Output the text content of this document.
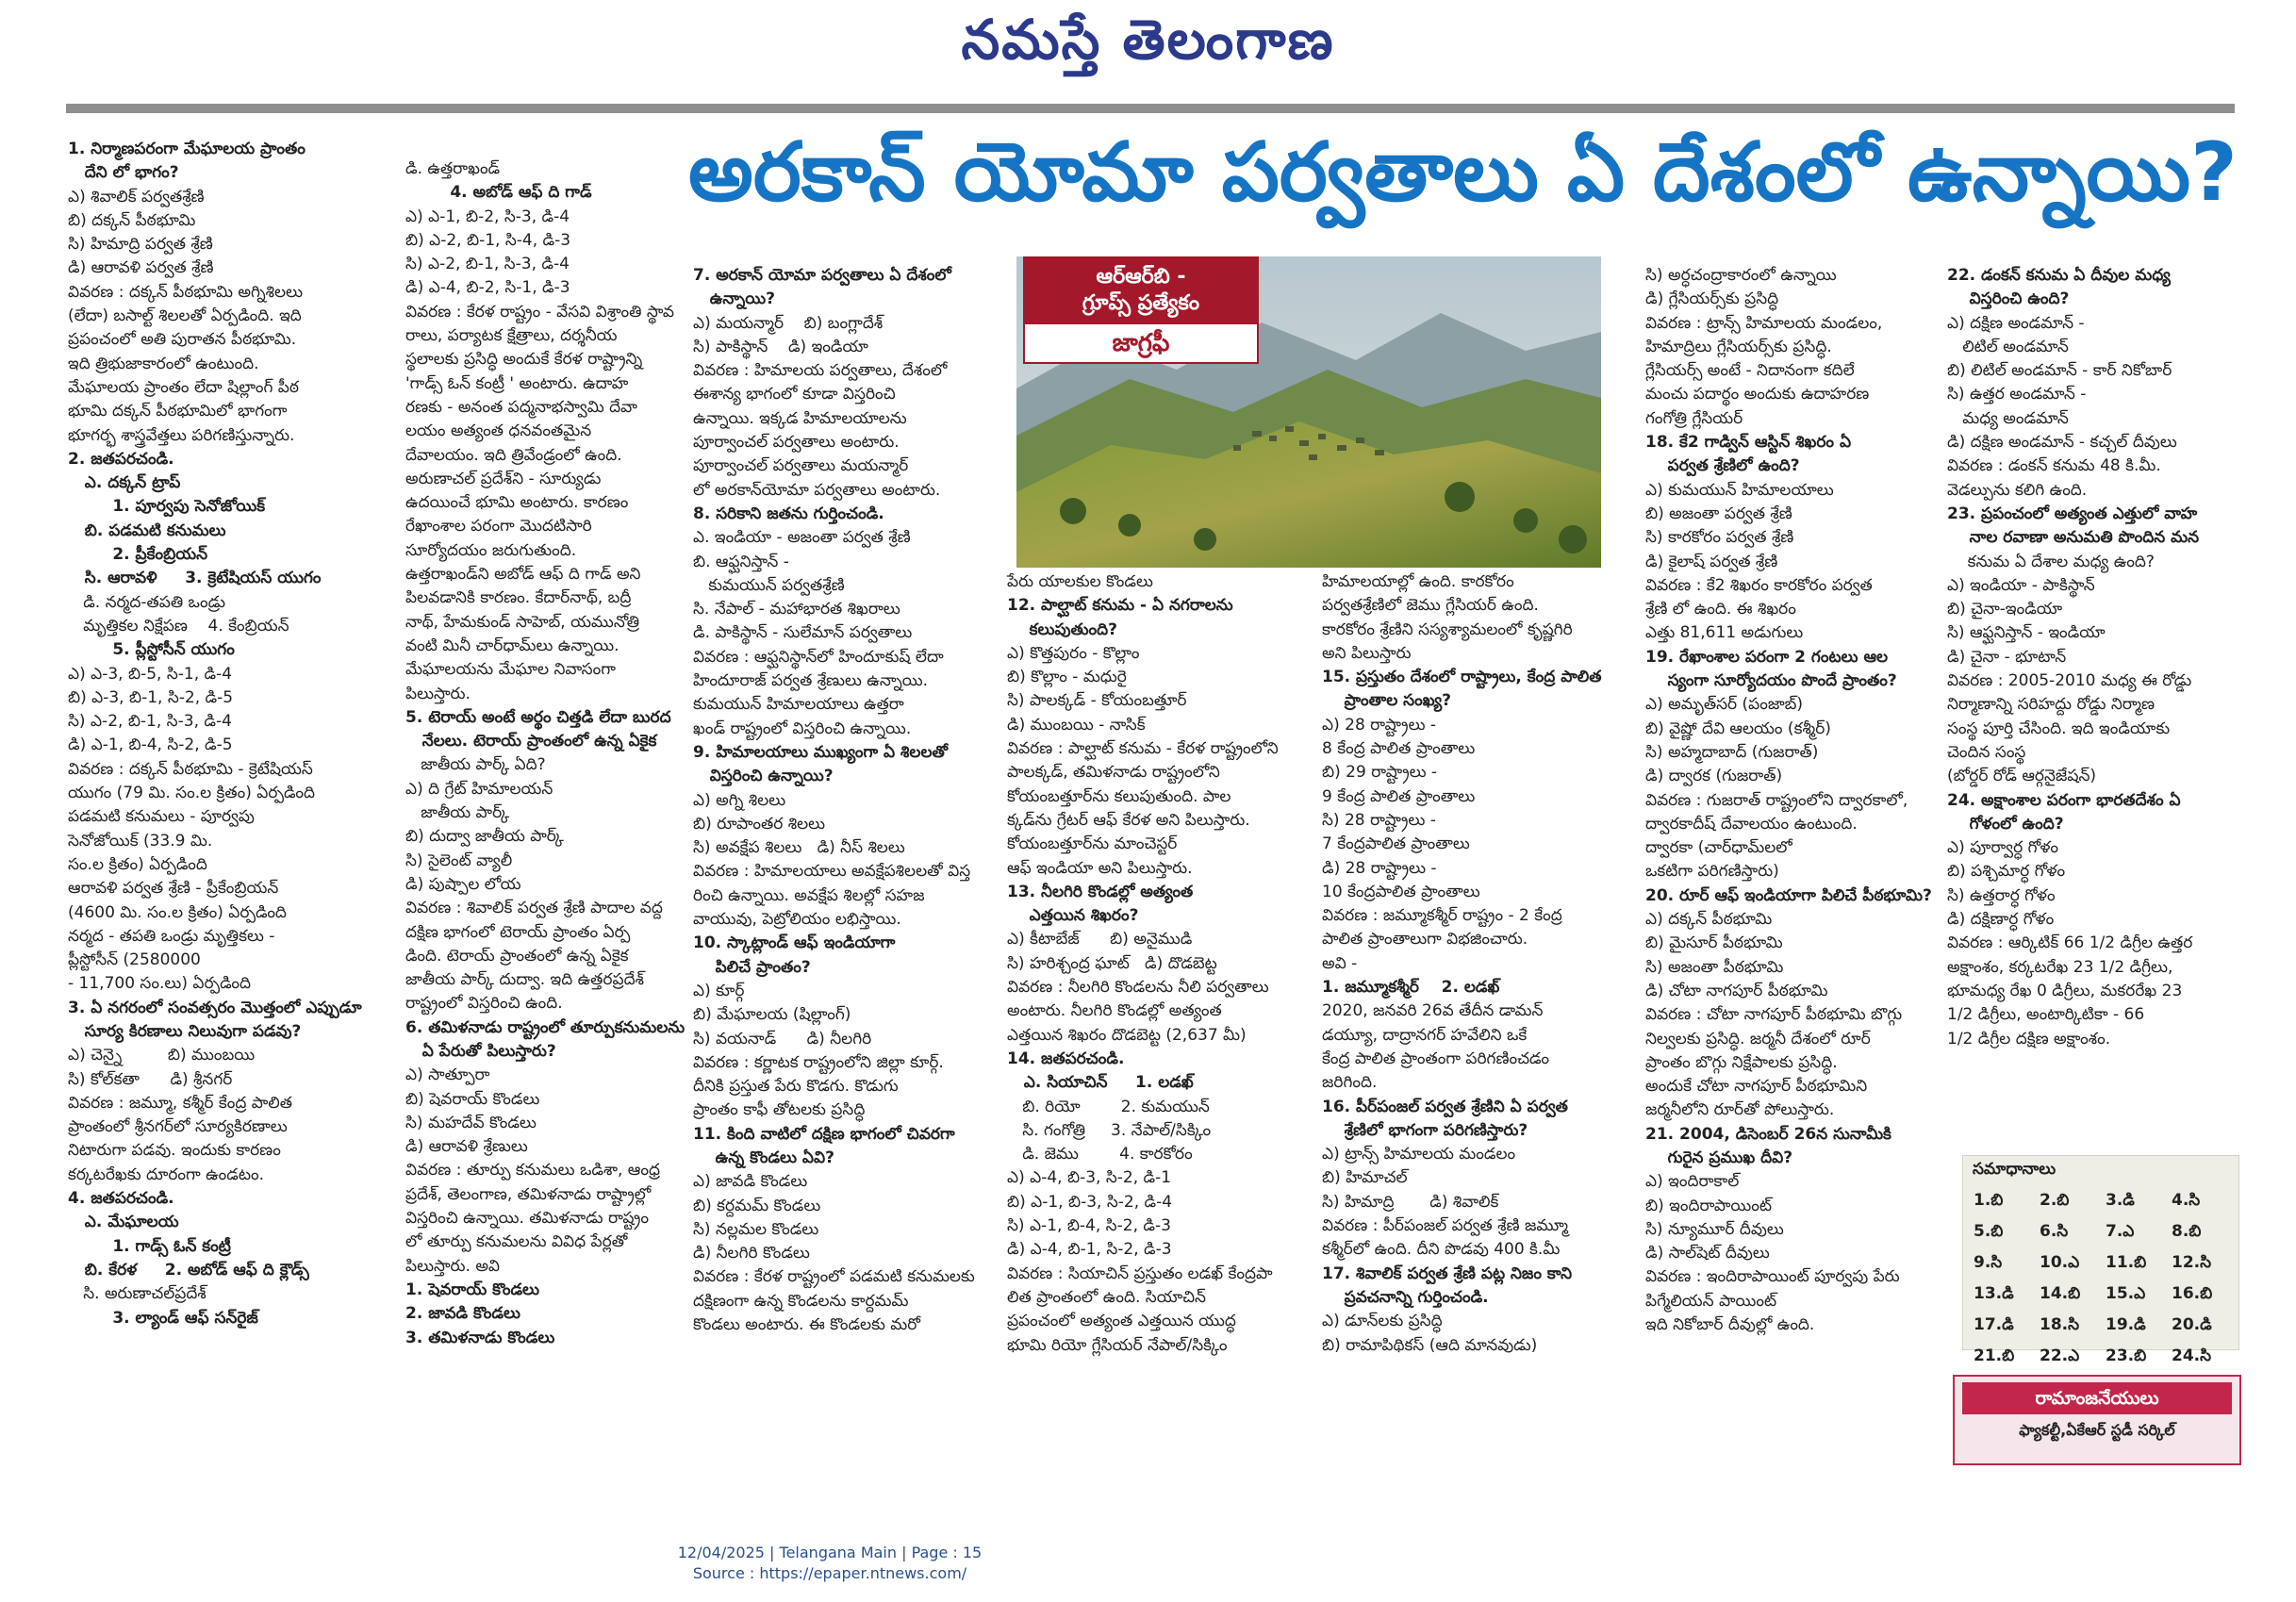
నమస్తే తెలంగాణ
అరకాన్ యోమా పర్వతాలు ఏ దేశంలో ఉన్నాయి?
1. నిర్మాణపరంగా మేఘాలయ ప్రాంతం
దేని లో భాగం?
ఎ) శివాలిక్ పర్వతశ్రేణి
బి) దక్కన్ పీఠభూమి
సి) హిమాద్రి పర్వత శ్రేణి
డి) ఆరావళి పర్వత శ్రేణి
వివరణ : దక్కన్ పీఠభూమి అగ్నిశిలలు
(లేదా) బసాల్ట్ శిలలతో ఏర్పడింది. ఇది
ప్రపంచంలో అతి పురాతన పీఠభూమి.
ఇది త్రిభుజాకారంలో ఉంటుంది.
మేఘాలయ ప్రాంతం లేదా షిల్లాంగ్ పీఠ
భూమి దక్కన్ పీఠభూమిలో భాగంగా
భూగర్భ శాస్త్రవేత్తలు పరిగణిస్తున్నారు.
2. జతపరచండి.
ఎ. దక్కన్ ట్రాప్
1. పూర్వపు సెనోజోయిక్
బి. పడమటి కనుమలు
2. ప్రీకేంబ్రియన్
సి. ఆరావళి     3. క్రెటేషియస్ యుగం
డి. నర్మద-తపతి ఒండ్రు
మృత్తికల నిక్షేపణ    4. కేంబ్రియన్
5. ప్లీస్టోసీన్ యుగం
ఎ) ఎ-3, బి-5, సి-1, డి-4
బి) ఎ-3, బి-1, సి-2, డి-5
సి) ఎ-2, బి-1, సి-3, డి-4
డి) ఎ-1, బి-4, సి-2, డి-5
వివరణ : దక్కన్ పీఠభూమి - క్రెటేషియస్
యుగం (79 మి. సం.ల క్రితం) ఏర్పడింది
పడమటి కనుమలు - పూర్వపు
సెనోజోయిక్ (33.9 మి.
సం.ల క్రితం) ఏర్పడింది
ఆరావళి పర్వత శ్రేణి - ప్రీకేంబ్రియన్
(4600 మి. సం.ల క్రితం) ఏర్పడింది
నర్మద - తపతి ఒండ్రు మృత్తికలు -
ప్లీస్టోసీన్ (2580000
- 11,700 సం.లు) ఏర్పడింది
3. ఏ నగరంలో సంవత్సరం మొత్తంలో ఎప్పుడూ
సూర్య కిరణాలు నిలువుగా పడవు?
ఎ) చెన్నై         బి) ముంబయి
సి) కోల్‌కతా      డి) శ్రీనగర్
వివరణ : జమ్మూ, కశ్మీర్ కేంద్ర పాలిత
ప్రాంతంలో శ్రీనగర్‌లో సూర్యకిరణాలు
నిటారుగా పడవు. ఇందుకు కారణం
కర్కటరేఖకు దూరంగా ఉండటం.
4. జతపరచండి.
ఎ. మేఘాలయ
1. గాడ్స్ ఓన్ కంట్రీ
బి. కేరళ     2. అబోడ్ ఆఫ్ ది క్లౌడ్స్
సి. అరుణాచల్‌ప్రదేశ్
3. ల్యాండ్ ఆఫ్ సన్‌రైజ్
డి. ఉత్తరాఖండ్
4. అబోడ్ ఆఫ్ ది గాడ్
ఎ) ఎ-1, బి-2, సి-3, డి-4
బి) ఎ-2, బి-1, సి-4, డి-3
సి) ఎ-2, బి-1, సి-3, డి-4
డి) ఎ-4, బి-2, సి-1, డి-3
వివరణ : కేరళ రాష్ట్రం - వేసవి విశ్రాంతి స్థావ
రాలు, పర్యాటక క్షేత్రాలు, దర్శనీయ
స్థలాలకు ప్రసిద్ధి అందుకే కేరళ రాష్ట్రాన్ని
'గాడ్స్ ఓన్ కంట్రీ ' అంటారు. ఉదాహ
రణకు - అనంత పద్మనాభస్వామి దేవా
లయం అత్యంత ధనవంతమైన
దేవాలయం. ఇది త్రివేండ్రంలో ఉంది.
అరుణాచల్ ప్రదేశ్‌ని - సూర్యుడు
ఉదయించే భూమి అంటారు. కారణం
రేఖాంశాల పరంగా మొదటిసారి
సూర్యోదయం జరుగుతుంది.
ఉత్తరాఖండ్‌ని అబోడ్ ఆఫ్ ది గాడ్ అని
పిలవడానికి కారణం. కేదార్‌నాథ్, బద్రీ
నాథ్, హేమకుండ్ సాహెబ్, యమునోత్రి
వంటి మినీ చార్‌ధామ్‌లు ఉన్నాయి.
మేఘాలయను మేఘాల నివాసంగా
పిలుస్తారు.
5. టెరాయ్ అంటే అర్థం చిత్తడి లేదా బురద
నేలలు. టెరాయ్ ప్రాంతంలో ఉన్న ఏకైక
జాతీయ పార్క్ ఏది?
ఎ) ది గ్రేట్ హిమాలయన్
జాతీయ పార్క్
బి) దుద్వా జాతీయ పార్క్
సి) సైలెంట్ వ్యాలీ
డి) పుష్పాల లోయ
వివరణ : శివాలిక్ పర్వత శ్రేణి పాదాల వద్ద
దక్షిణ భాగంలో టెరాయ్ ప్రాంతం ఏర్ప
డింది. టెరాయ్ ప్రాంతంలో ఉన్న ఏకైక
జాతీయ పార్క్ దుద్వా. ఇది ఉత్తరప్రదేశ్
రాష్ట్రంలో విస్తరించి ఉంది.
6. తమిళనాడు రాష్ట్రంలో తూర్పుకనుమలను
ఏ పేరుతో పిలుస్తారు?
ఎ) సాత్పూరా
బి) షెవరాయ్ కొండలు
సి) మహదేవ్ కొండలు
డి) ఆరావళి శ్రేణులు
వివరణ : తూర్పు కనుమలు ఒడిశా, ఆంధ్ర
ప్రదేశ్, తెలంగాణ, తమిళనాడు రాష్ట్రాల్లో
విస్తరించి ఉన్నాయి. తమిళనాడు రాష్ట్రం
లో తూర్పు కనుమలను వివిధ పేర్లతో
పిలుస్తారు. అవి
1. షెవరాయ్ కొండలు
2. జావడి కొండలు
3. తమిళనాడు కొండలు
7. అరకాన్ యోమా పర్వతాలు ఏ దేశంలో
ఉన్నాయి?
ఎ) మయన్మార్    బి) బంగ్లాదేశ్
సి) పాకిస్థాన్    డి) ఇండియా
వివరణ : హిమాలయ పర్వతాలు, దేశంలో
ఈశాన్య భాగంలో కూడా విస్తరించి
ఉన్నాయి. ఇక్కడ హిమాలయాలను
పూర్వాంచల్ పర్వతాలు అంటారు.
పూర్వాంచల్ పర్వతాలు మయన్మార్
లో అరకాన్‌యోమా పర్వతాలు అంటారు.
8. సరికాని జతను గుర్తించండి.
ఎ. ఇండియా - అజంతా పర్వత శ్రేణి
బి. ఆఫ్ఘనిస్తాన్ -
కుమయున్ పర్వతశ్రేణి
సి. నేపాల్ - మహాభారత శిఖరాలు
డి. పాకిస్థాన్ - సులేమాన్ పర్వతాలు
వివరణ : ఆఫ్ఘనిస్థాన్‌లో హిందూకుష్ లేదా
హిందూరాజ్ పర్వత శ్రేణులు ఉన్నాయి.
కుమయున్ హిమాలయాలు ఉత్తరా
ఖండ్ రాష్ట్రంలో విస్తరించి ఉన్నాయి.
9. హిమాలయాలు ముఖ్యంగా ఏ శిలలతో
విస్తరించి ఉన్నాయి?
ఎ) అగ్ని శిలలు
బి) రూపాంతర శిలలు
సి) అవక్షేప శిలలు   డి) నీస్ శిలలు
వివరణ : హిమాలయాలు అవక్షేపశిలలతో విస్త
రించి ఉన్నాయి. అవక్షేప శిలల్లో సహజ
వాయువు, పెట్రోలియం లభిస్తాయి.
10. స్కాట్లాండ్ ఆఫ్ ఇండియాగా
పిలిచే ప్రాంతం?
ఎ) కూర్గ్
బి) మేఘాలయ (షిల్లాంగ్)
సి) వయనాడ్      డి) నీలగిరి
వివరణ : కర్ణాటక రాష్ట్రంలోని జిల్లా కూర్గ్.
దీనికి ప్రస్తుత పేరు కొడగు. కొడుగు
ప్రాంతం కాఫీ తోటలకు ప్రసిద్ధి
11. కింది వాటిలో దక్షిణ భాగంలో చివరగా
ఉన్న కొండలు ఏవి?
ఎ) జావడి కొండలు
బి) కర్దమమ్ కొండలు
సి) నల్లమల కొండలు
డి) నీలగిరి కొండలు
వివరణ : కేరళ రాష్ట్రంలో పడమటి కనుమలకు
దక్షిణంగా ఉన్న కొండలను కార్దమమ్
కొండలు అంటారు. ఈ కొండలకు మరో
పేరు యాలకుల కొండలు
12. పాల్ఘాట్ కనుమ - ఏ నగరాలను
కలుపుతుంది?
ఎ) కొత్తపురం - కొల్లాం
బి) కొల్లాం - మధురై
సి) పాలక్కడ్ - కోయంబత్తూర్
డి) ముంబయి - నాసిక్
వివరణ : పాల్ఘాట్ కనుమ - కేరళ రాష్ట్రంలోని
పాలక్కడ్, తమిళనాడు రాష్ట్రంలోని
కోయంబత్తూర్‌ను కలుపుతుంది. పాల
క్కడ్‌ను గ్రేటర్ ఆఫ్ కేరళ అని పిలుస్తారు.
కోయంబత్తూర్‌ను మాంచెస్టర్
ఆఫ్ ఇండియా అని పిలుస్తారు.
13. నీలగిరి కొండల్లో అత్యంత
ఎత్తయిన శిఖరం?
ఎ) కీటాబేజ్      బి) అనైముడి
సి) హరిశ్చంద్ర ఘాట్   డి) దొడబెట్ట
వివరణ : నీలగిరి కొండలను నీలి పర్వతాలు
అంటారు. నీలగిరి కొండల్లో అత్యంత
ఎత్తయిన శిఖరం దొడబెట్ట (2,637 మీ)
14. జతపరచండి.
ఎ. సియాచిన్     1. లడఖ్
బి. రియో        2. కుమయున్
సి. గంగోత్రి     3. నేపాల్/సిక్కిం
డి. జెము        4. కారకోరం
ఎ) ఎ-4, బి-3, సి-2, డి-1
బి) ఎ-1, బి-3, సి-2, డి-4
సి) ఎ-1, బి-4, సి-2, డి-3
డి) ఎ-4, బి-1, సి-2, డి-3
వివరణ : సియాచిన్ ప్రస్తుతం లడఖ్ కేంద్రపా
లిత ప్రాంతంలో ఉంది. సియాచిన్
ప్రపంచంలో అత్యంత ఎత్తయిన యుద్ధ
భూమి రియో గ్లేసియర్ నేపాల్/సిక్కిం
హిమాలయాల్లో ఉంది. కారకోరం
పర్వతశ్రేణిలో జెము గ్లేసియర్ ఉంది.
కారకోరం శ్రేణిని సస్యశ్యామలంలో కృష్ణగిరి
అని పిలుస్తారు
15. ప్రస్తుతం దేశంలో రాష్ట్రాలు, కేంద్ర పాలిత
ప్రాంతాల సంఖ్య?
ఎ) 28 రాష్ట్రాలు -
8 కేంద్ర పాలిత ప్రాంతాలు
బి) 29 రాష్ట్రాలు -
9 కేంద్ర పాలిత ప్రాంతాలు
సి) 28 రాష్ట్రాలు -
7 కేంద్రపాలిత ప్రాంతాలు
డి) 28 రాష్ట్రాలు -
10 కేంద్రపాలిత ప్రాంతాలు
వివరణ : జమ్మూకశ్మీర్ రాష్ట్రం - 2 కేంద్ర
పాలిత ప్రాంతాలుగా విభజించారు.
అవి -
1. జమ్మూకశ్మీర్    2. లడఖ్
2020, జనవరి 26వ తేదీన డామన్
డయ్యూ, దాద్రానగర్ హవేలిని ఒకే
కేంద్ర పాలిత ప్రాంతంగా పరిగణించడం
జరిగింది.
16. పీర్‌పంజల్ పర్వత శ్రేణిని ఏ పర్వత
శ్రేణిలో భాగంగా పరిగణిస్తారు?
ఎ) ట్రాన్స్ హిమాలయ మండలం
బి) హిమాచల్
సి) హిమాద్రి       డి) శివాలిక్
వివరణ : పీర్‌పంజల్ పర్వత శ్రేణి జమ్మూ
కశ్మీర్‌లో ఉంది. దీని పొడవు 400 కి.మీ
17. శివాలిక్ పర్వత శ్రేణి పట్ల నిజం కాని
ప్రవచనాన్ని గుర్తించండి.
ఎ) డూన్‌లకు ప్రసిద్ధి
బి) రామాపిథికస్ (ఆది మానవుడు)
సి) అర్ధచంద్రాకారంలో ఉన్నాయి
డి) గ్లేసియర్స్‌కు ప్రసిద్ధి
వివరణ : ట్రాన్స్ హిమాలయ మండలం,
హిమాద్రిలు గ్లేసియర్స్‌కు ప్రసిద్ధి.
గ్లేసియర్స్ అంటే - నిదానంగా కదిలే
మంచు పదార్థం అందుకు ఉదాహరణ
గంగోత్రి గ్లేసియర్
18. కే2 గాడ్విన్ ఆస్టిన్ శిఖరం ఏ
పర్వత శ్రేణిలో ఉంది?
ఎ) కుమయున్ హిమాలయాలు
బి) అజంతా పర్వత శ్రేణి
సి) కారకోరం పర్వత శ్రేణి
డి) కైలాష్ పర్వత శ్రేణి
వివరణ : కే2 శిఖరం కారకోరం పర్వత
శ్రేణి లో ఉంది. ఈ శిఖరం
ఎత్తు 81,611 అడుగులు
19. రేఖాంశాల పరంగా 2 గంటలు ఆల
స్యంగా సూర్యోదయం పొందే ప్రాంతం?
ఎ) అమృత్‌సర్ (పంజాబ్)
బి) వైష్ణో దేవి ఆలయం (కశ్మీర్)
సి) అహ్మదాబాద్ (గుజరాత్)
డి) ద్వారక (గుజరాత్)
వివరణ : గుజరాత్ రాష్ట్రంలోని ద్వారకాలో,
ద్వారకాదీష్ దేవాలయం ఉంటుంది.
ద్వారకా (చార్‌ధామ్‌లలో
ఒకటిగా పరిగణిస్తారు)
20. రూర్ ఆఫ్ ఇండియాగా పిలిచే పీఠభూమి?
ఎ) దక్కన్ పీఠభూమి
బి) మైసూర్ పీఠభూమి
సి) అజంతా పీఠభూమి
డి) చోటా నాగపూర్ పీఠభూమి
వివరణ : చోటా నాగపూర్ పీఠభూమి బొగ్గు
నిల్వలకు ప్రసిద్ధి. జర్మనీ దేశంలో రూర్
ప్రాంతం బొగ్గు నిక్షేపాలకు ప్రసిద్ధి.
అందుకే చోటా నాగపూర్ పీఠభూమిని
జర్మనీలోని రూర్‌తో పోలుస్తారు.
21. 2004, డిసెంబర్ 26న సునామీకి
గురైన ప్రముఖ దీవి?
ఎ) ఇందిరాకాల్
బి) ఇందిరాపాయింట్
సి) న్యూమూర్ దీవులు
డి) సాల్‌షెట్ దీవులు
వివరణ : ఇందిరాపాయింట్ పూర్వపు పేరు
పిగ్మేలియన్ పాయింట్
ఇది నికోబార్ దీవుల్లో ఉంది.
22. డంకన్ కనుమ ఏ దీవుల మధ్య
విస్తరించి ఉంది?
ఎ) దక్షిణ అండమాన్ -
లిటిల్ అండమాన్
బి) లిటిల్ అండమాన్ - కార్ నికోబార్
సి) ఉత్తర అండమాన్ -
మధ్య అండమాన్
డి) దక్షిణ అండమాన్ - కచ్చల్ దీవులు
వివరణ : డంకన్ కనుమ 48 కి.మీ.
వెడల్పును కలిగి ఉంది.
23. ప్రపంచంలో అత్యంత ఎత్తులో వాహ
నాల రవాణా అనుమతి పొందిన మన
కనుమ ఏ దేశాల మధ్య ఉంది?
ఎ) ఇండియా - పాకిస్థాన్
బి) చైనా-ఇండియా
సి) ఆఫ్ఘనిస్తాన్ - ఇండియా
డి) చైనా - భూటాన్
వివరణ : 2005-2010 మధ్య ఈ రోడ్డు
నిర్మాణాన్ని సరిహద్దు రోడ్డు నిర్మాణ
సంస్థ పూర్తి చేసింది. ఇది ఇండియాకు
చెందిన సంస్థ
(బోర్డర్ రోడ్ ఆర్గనైజేషన్)
24. అక్షాంశాల పరంగా భారతదేశం ఏ
గోళంలో ఉంది?
ఎ) పూర్వార్ధ గోళం
బి) పశ్చిమార్ధ గోళం
సి) ఉత్తరార్ధ గోళం
డి) దక్షిణార్ధ గోళం
వివరణ : ఆర్కిటిక్ 66 1/2 డిగ్రీల ఉత్తర
అక్షాంశం, కర్కటరేఖ 23 1/2 డిగ్రీలు,
భూమధ్య రేఖ 0 డిగ్రీలు, మకరరేఖ 23
1/2 డిగ్రీలు, అంటార్కిటికా - 66
1/2 డిగ్రీల దక్షిణ అక్షాంశం.
ఆర్ఆర్‌బి -
గ్రూప్స్ ప్రత్యేకం
జాగ్రఫీ
సమాధానాలు
1.బి	2.బి	3.డి	4.సి
5.బి	6.సి	7.ఎ	8.బి
9.సి	10.ఎ	11.బి	12.సి
13.డి	14.బి	15.ఎ	16.బి
17.డి	18.సి	19.డి	20.డి
21.బి	22.ఎ	23.బి	24.సి
రామాంజనేయులు
ఫ్యాకల్టీ,ఏకేఆర్ స్టడీ సర్కిల్
12/04/2025 | Telangana Main | Page : 15
Source : https://epaper.ntnews.com/
